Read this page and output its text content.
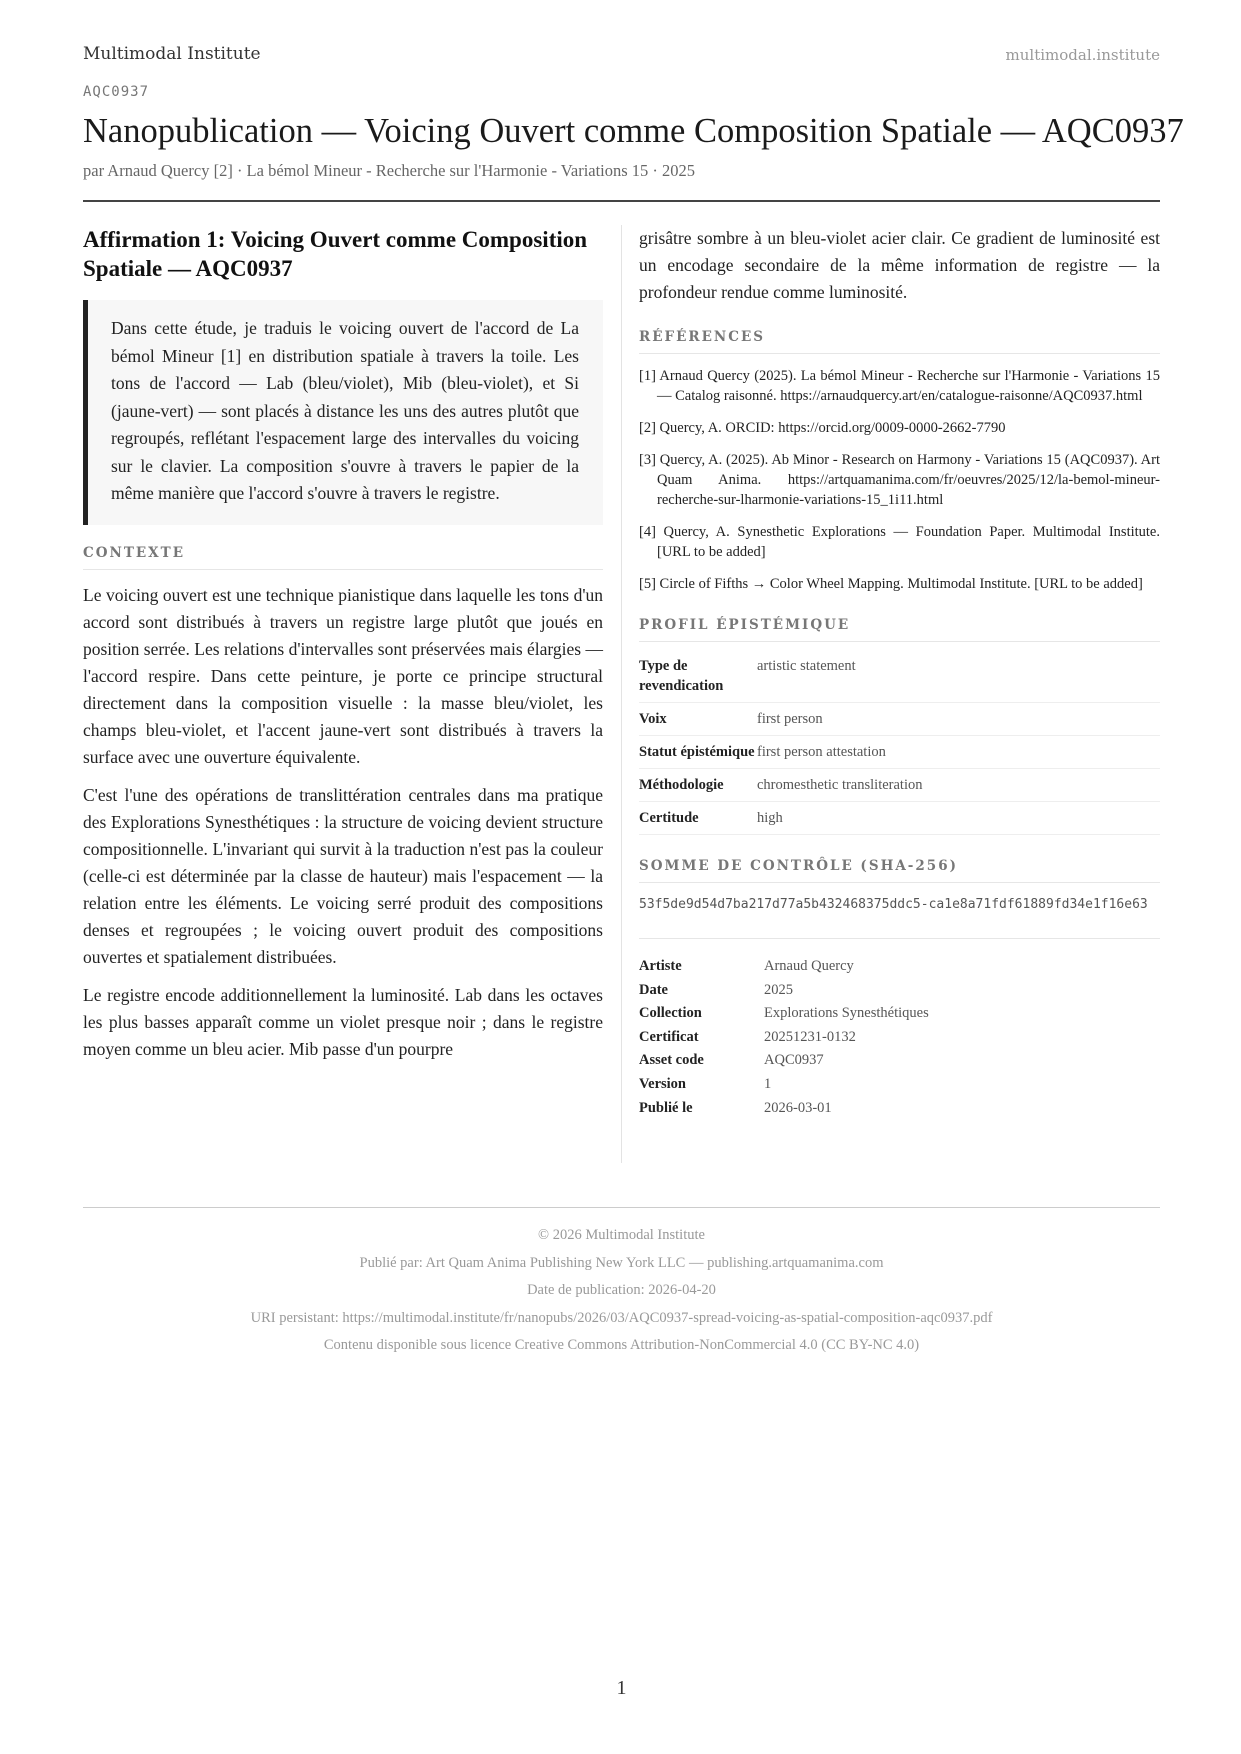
Multimodal Institute	multimodal.institute
AQC0937
Nanopublication — Voicing Ouvert comme Composition Spatiale — AQC0937
par Arnaud Quercy [2] · La bémol Mineur - Recherche sur l'Harmonie - Variations 15 · 2025
Affirmation 1: Voicing Ouvert comme Composition Spatiale — AQC0937
Dans cette étude, je traduis le voicing ouvert de l'accord de La bémol Mineur [1] en distribution spatiale à travers la toile. Les tons de l'accord — Lab (bleu/violet), Mib (bleu-violet), et Si (jaune-vert) — sont placés à distance les uns des autres plutôt que regroupés, reflétant l'espacement large des intervalles du voicing sur le clavier. La composition s'ouvre à travers le papier de la même manière que l'accord s'ouvre à travers le registre.
CONTEXTE

Le voicing ouvert est une technique pianistique dans laquelle les tons d'un accord sont distribués à travers un registre large plutôt que joués en position serrée. Les relations d'intervalles sont préservées mais élargies — l'accord respire. Dans cette peinture, je porte ce principe structural directement dans la composition visuelle : la masse bleu/violet, les champs bleu-violet, et l'accent jaune-vert sont distribués à travers la surface avec une ouverture équivalente.

C'est l'une des opérations de translittération centrales dans ma pratique des Explorations Synesthétiques : la structure de voicing devient structure compositionnelle. L'invariant qui survit à la traduction n'est pas la couleur (celle-ci est déterminée par la classe de hauteur) mais l'espacement — la relation entre les éléments. Le voicing serré produit des compositions denses et regroupées ; le voicing ouvert produit des compositions ouvertes et spatialement distribuées.

Le registre encode additionnellement la luminosité. Lab dans les octaves les plus basses apparaît comme un violet presque noir ; dans le registre moyen comme un bleu acier. Mib passe d'un pourpre

grisâtre sombre à un bleu-violet acier clair. Ce gradient de luminosité est un encodage secondaire de la même information de registre — la profondeur rendue comme luminosité.

RÉFÉRENCES
[1] Arnaud Quercy (2025). La bémol Mineur - Recherche sur l'Harmonie - Variations 15 — Catalog raisonné. https://arnaudquercy.art/en/catalogue-raisonne/AQC0937.html
[2] Quercy, A. ORCID: https://orcid.org/0009-0000-2662-7790
[3] Quercy, A. (2025). Ab Minor - Research on Harmony - Variations 15 (AQC0937). Art Quam Anima. https://artquamanima.com/fr/oeuvres/2025/12/la-bemol-mineur-recherche-sur-lharmonie-variations-15_1i11.html
[4] Quercy, A. Synesthetic Explorations — Foundation Paper. Multimodal Institute. [URL to be added]
[5] Circle of Fifths → Color Wheel Mapping. Multimodal Institute. [URL to be added]
PROFIL ÉPISTÉMIQUE
Type de revendication	artistic statement
Voix	first person
Statut épistémique	first person attestation
Méthodologie	chromesthetic transliteration
Certitude	high
SOMME DE CONTRÔLE (SHA-256)
53f5de9d54d7ba217d77a5b432468375ddc5-ca1e8a71fdf61889fd34e1f16e63
Artiste	Arnaud Quercy
Date	2025
Collection	Explorations Synesthétiques
Certificat	20251231-0132
Asset code	AQC0937
Version	1
Publié le	2026-03-01
© 2026 Multimodal Institute
Publié par: Art Quam Anima Publishing New York LLC — publishing.artquamanima.com
Date de publication: 2026-04-20
URI persistant: https://multimodal.institute/fr/nanopubs/2026/03/AQC0937-spread-voicing-as-spatial-composition-aqc0937.pdf
Contenu disponible sous licence Creative Commons Attribution-NonCommercial 4.0 (CC BY-NC 4.0)
1
